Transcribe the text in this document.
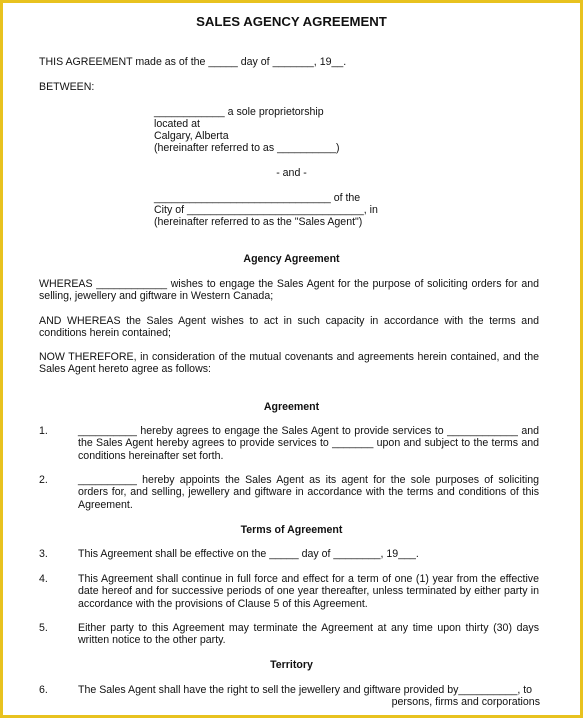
SALES AGENCY AGREEMENT
THIS AGREEMENT made as of the _____ day of _______, 19__.
BETWEEN:
____________ a sole proprietorship
located at
Calgary, Alberta
(hereinafter referred to as __________)
- and -
______________________________ of the
City of ______________________________, in
(hereinafter referred to as the "Sales Agent")
Agency Agreement
WHEREAS ____________ wishes to engage the Sales Agent for the purpose of soliciting orders for and selling, jewellery and giftware in Western Canada;
AND WHEREAS the Sales Agent wishes to act in such capacity in accordance with the terms and conditions herein contained;
NOW THEREFORE, in consideration of the mutual covenants and agreements herein contained, and the Sales Agent hereto agree as follows:
Agreement
1.	__________ hereby agrees to engage the Sales Agent to provide services to ____________ and the Sales Agent hereby agrees to provide services to _______ upon and subject to the terms and conditions hereinafter set forth.
2.	__________ hereby appoints the Sales Agent as its agent for the sole purposes of soliciting orders for, and selling, jewellery and giftware in accordance with the terms and conditions of this Agreement.
Terms of Agreement
3.	This Agreement shall be effective on the _____ day of ________, 19___.
4.	This Agreement shall continue in full force and effect for a term of one (1) year from the effective date hereof and for successive periods of one year thereafter, unless terminated by either party in accordance with the provisions of Clause 5 of this Agreement.
5.	Either party to this Agreement may terminate the Agreement at any time upon thirty (30) days written notice to the other party.
Territory
6.	The Sales Agent shall have the right to sell the jewellery and giftware provided by__________, to
persons, firms and corporations
